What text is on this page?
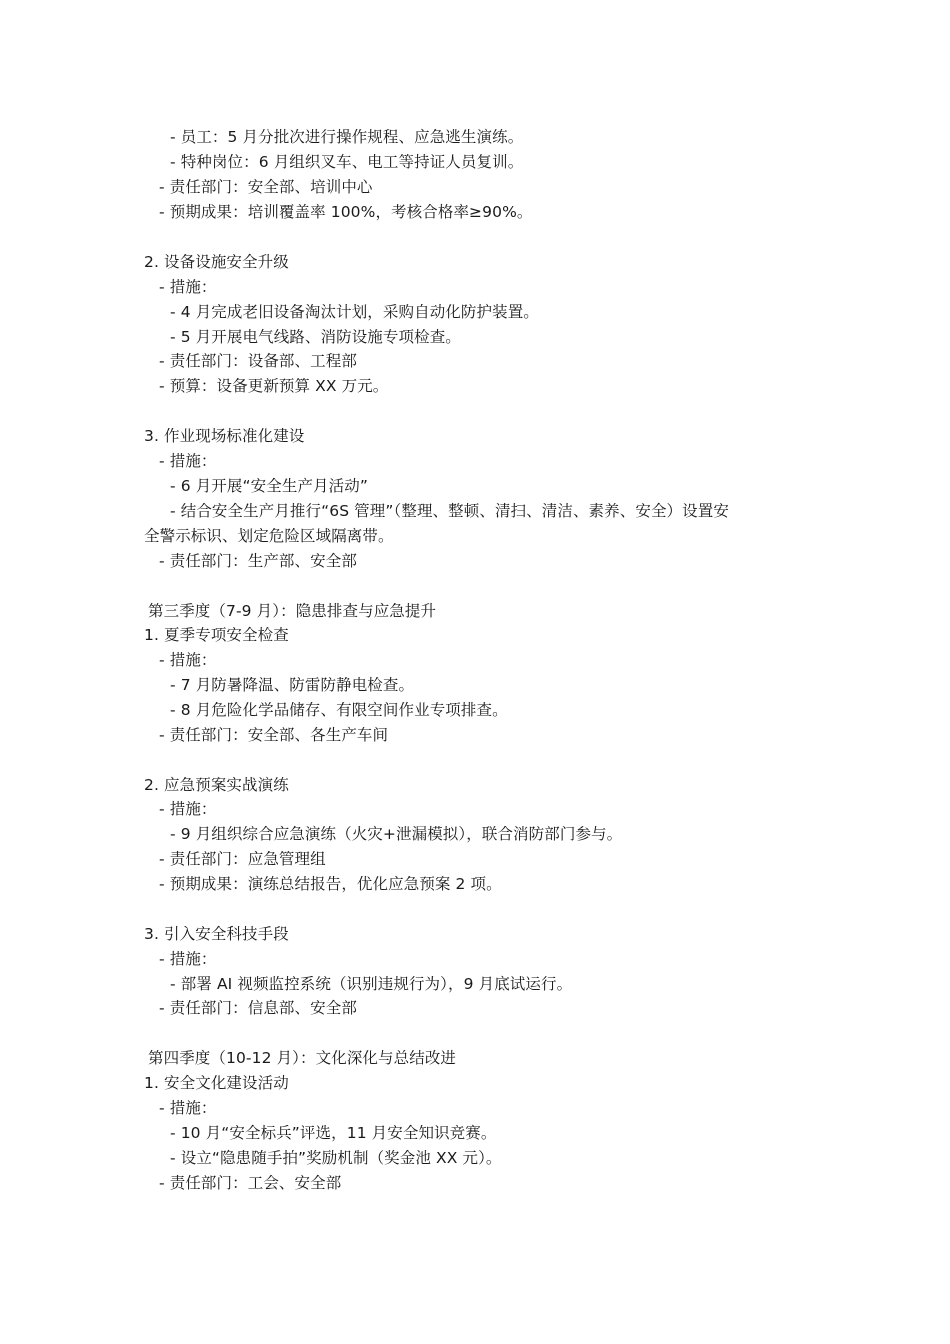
- 员工：5 月分批次进行操作规程、应急逃生演练。
- 特种岗位：6 月组织叉车、电工等持证人员复训。
- 责任部门：安全部、培训中心
- 预期成果：培训覆盖率 100%，考核合格率≥90%。
2. 设备设施安全升级
- 措施：
- 4 月完成老旧设备淘汰计划，采购自动化防护装置。
- 5 月开展电气线路、消防设施专项检查。
- 责任部门：设备部、工程部
- 预算：设备更新预算 XX 万元。
3. 作业现场标准化建设
- 措施：
- 6 月开展“安全生产月活动”
- 结合安全生产月推行“6S 管理”（整理、整顿、清扫、清洁、素养、安全）设置安
全警示标识、划定危险区域隔离带。
- 责任部门：生产部、安全部
第三季度（7-9 月）：隐患排查与应急提升
1. 夏季专项安全检查
- 措施：
- 7 月防暑降温、防雷防静电检查。
- 8 月危险化学品储存、有限空间作业专项排查。
- 责任部门：安全部、各生产车间
2. 应急预案实战演练
- 措施：
- 9 月组织综合应急演练（火灾+泄漏模拟），联合消防部门参与。
- 责任部门：应急管理组
- 预期成果：演练总结报告，优化应急预案 2 项。
3. 引入安全科技手段
- 措施：
- 部署 AI 视频监控系统（识别违规行为），9 月底试运行。
- 责任部门：信息部、安全部
第四季度（10-12 月）：文化深化与总结改进
1. 安全文化建设活动
- 措施：
- 10 月“安全标兵”评选，11 月安全知识竞赛。
- 设立“隐患随手拍”奖励机制（奖金池 XX 元）。
- 责任部门：工会、安全部
